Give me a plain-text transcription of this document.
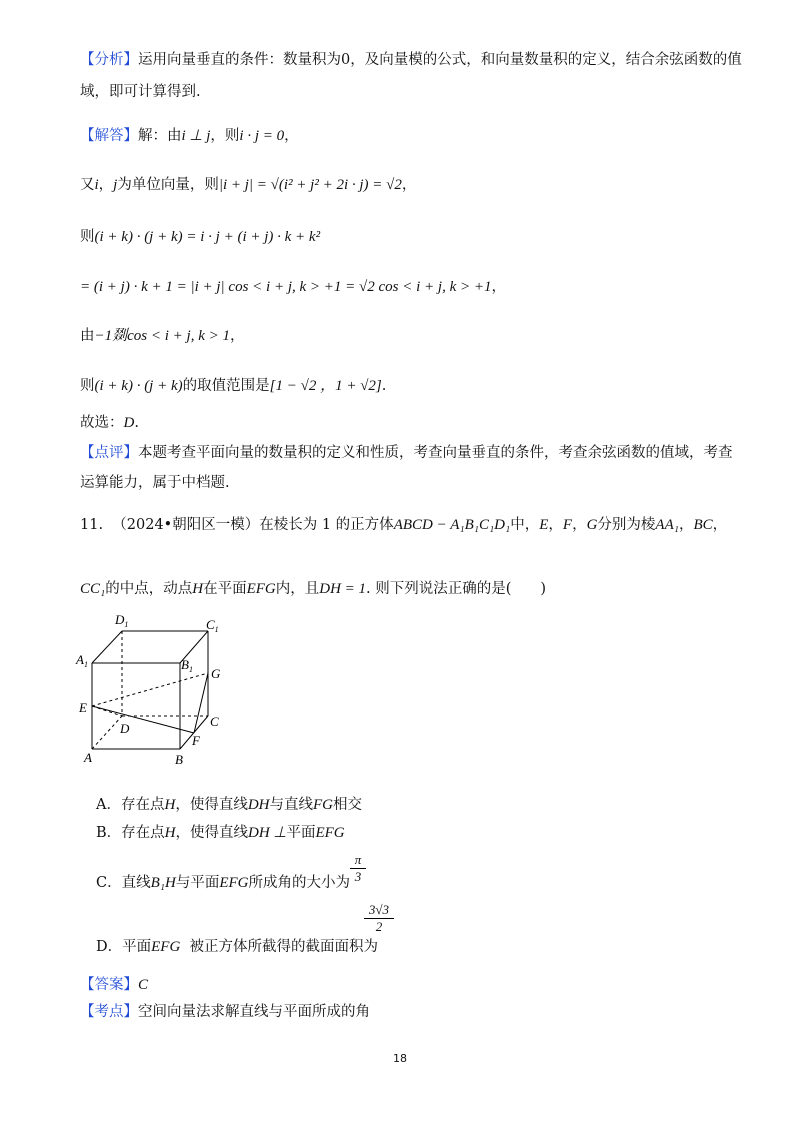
【分析】运用向量垂直的条件：数量积为0，及向量模的公式，和向量数量积的定义，结合余弦函数的值
域，即可计算得到.
【解答】解：由i ⊥ j，则i · j = 0，
又i，j为单位向量，则|i + j| = √(i² + j² + 2i · j) = √2，
则(i + k) · (j + k) = i · j + (i + j) · k + k²
= (i + j) · k + 1 = |i + j| cos < i + j, k > +1 = √2 cos < i + j, k > +1，
由−1剟cos < i + j, k > 1，
则(i + k) · (j + k)的取值范围是[1 − √2 ，1 + √2].
故选：D.
【点评】本题考查平面向量的数量积的定义和性质，考查向量垂直的条件，考查余弦函数的值域，考查
运算能力，属于中档题.
11. （2024•朝阳区一模）在棱长为 1 的正方体ABCD − A₁B₁C₁D₁中，E，F，G分别为棱AA₁，BC，
CC₁的中点，动点H在平面EFG内，且DH = 1. 则下列说法正确的是(　　)
$D_1$	$C_1$
$A_1$	$B_1$ G
E
D	C
F
A	B
A．存在点H，使得直线DH与直线FG相交
B．存在点H，使得直线DH ⊥平面EFG
C．直线B₁H与平面EFG所成角的大小为 $\frac{\pi}{3}$
D．平面EFG 被正方体所截得的截面面积为
$\frac{3√3}{2}$
【答案】C
【考点】空间向量法求解直线与平面所成的角
18
